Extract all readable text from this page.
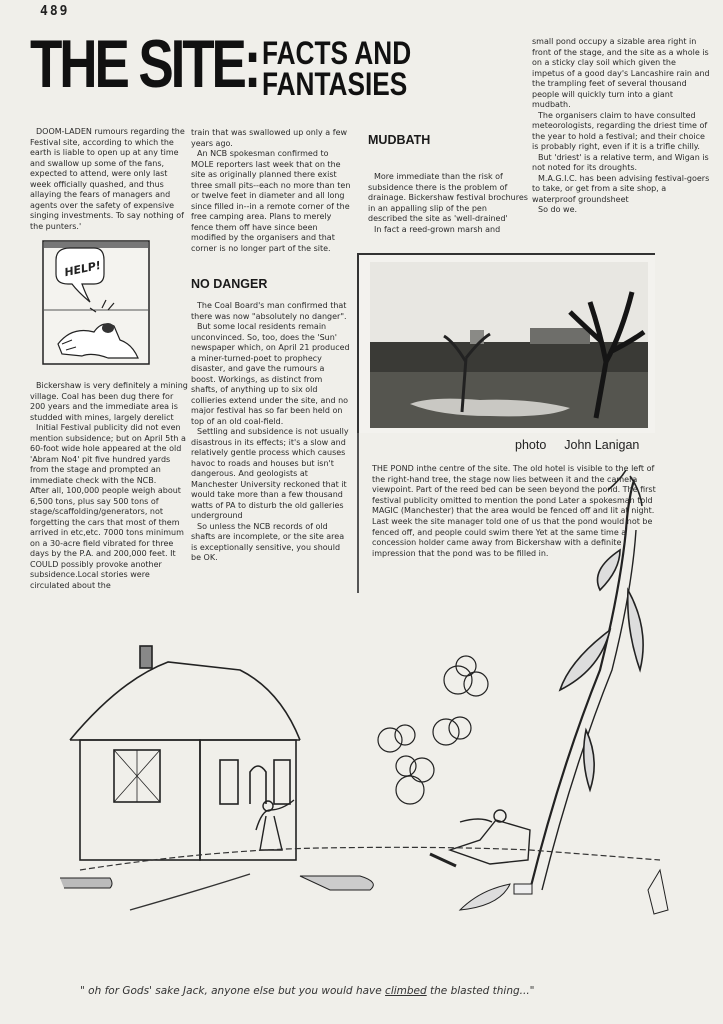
489
THE SITE: FACTS AND
FANTASIES

DOOM-LADEN rumours regarding the Festival site, according to which the earth is liable to open up at any time and swallow up some of the fans, expected to attend, were only last week officially quashed, and thus allaying the fears of managers and agents over the safety of expensive singing investments. To say nothing of the punters.'

HELP!

Bickershaw is very definitely a mining village. Coal has been dug there for 200 years and the immediate area is studded with mines, largely derelict

Initial Festival publicity did not even mention subsidence; but on April 5th a 60-foot wide hole appeared at the old 'Abram No4' pit five hundred yards from the stage and prompted an immediate check with the NCB.

After all, 100,000 people weigh about 6,500 tons, plus say 500 tons of stage/scaffolding/generators, not forgetting the cars that most of them arrived in etc,etc. 7000 tons minimum on a 30-acre field vibrated for three days by the P.A. and 200,000 feet. It COULD possibly provoke another subsidence.Local stories were circulated about the

train that was swallowed up only a few years ago.

An NCB spokesman confirmed to MOLE reporters last week that on the site as originally planned there exist three small pits--each no more than ten or twelve feet in diameter and all long since filled in--in a remote corner of the free camping area. Plans to merely fence them off have since been modified by the organisers and that corner is no longer part of the site.

NO DANGER

The Coal Board's man confirmed that there was now "absolutely no danger".

But some local residents remain unconvinced. So, too, does the 'Sun' newspaper which, on April 21 produced a miner-turned-poet to prophecy disaster, and gave the rumours a boost. Workings, as distinct from shafts, of anything up to six old collieries extend under the site, and no major festival has so far been held on top of an old coal-field.

Settling and subsidence is not usually disastrous in its effects; it's a slow and relatively gentle process which causes havoc to roads and houses but isn't dangerous. And geologists at Manchester University reckoned that it would take more than a few thousand watts of PA to disturb the old galleries underground

So unless the NCB records of old shafts are incomplete, or the site area is exceptionally sensitive, you should be OK.

MUDBATH

More immediate than the risk of subsidence there is the problem of drainage. Bickershaw festival brochures in an appalling slip of the pen described the site as 'well-drained'

In fact a reed-grown marsh and

small pond occupy a sizable area right in front of the stage, and the site as a whole is on a sticky clay soil which given the impetus of a good day's Lancashire rain and the trampling feet of several thousand people will quickly turn into a giant mudbath.

The organisers claim to have consulted meteorologists, regarding the driest time of the year to hold a festival; and their choice is probably right, even if it is a trifle chilly.

But 'driest' is a relative term, and Wigan is not noted for its droughts.

M.A.G.I.C. has been advising festival-goers to take, or get from a site shop, a waterproof groundsheet

So do we.

photo John Lanigan
THE POND inthe centre of the site. The old hotel is visible to the left of the right-hand tree, the stage now lies between it and the camera viewpoint. Part of the reed bed can be seen beyond the pond. The first festival publicity omitted to mention the pond Later a spokesman told MAGIC (Manchester) that the area would be fenced off and lit at night. Last week the site manager told one of us that the pond would not be fenced off, and people could swim there Yet at the same time a concession holder came away from Bickershaw with a definite impression that the pond was to be filled in.
" oh for Gods' sake Jack, anyone else but you would have climbed the blasted thing..."
